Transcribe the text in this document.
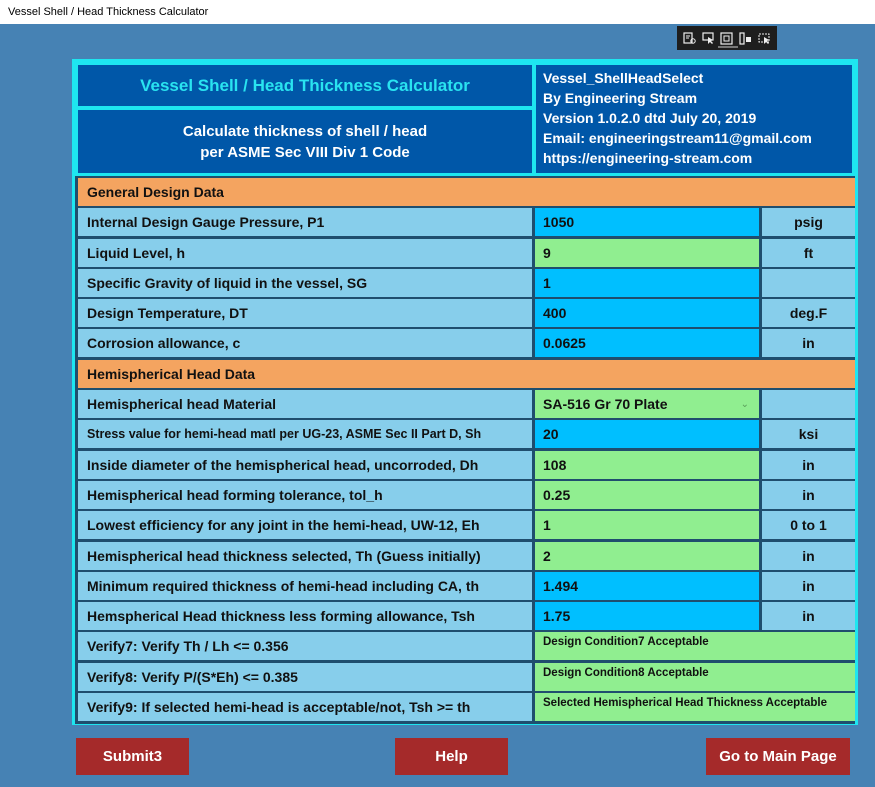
Vessel Shell / Head Thickness Calculator
Vessel Shell / Head Thickness Calculator
Calculate thickness of shell / head
per ASME Sec VIII Div 1 Code
Vessel_ShellHeadSelect
By Engineering Stream
Version 1.0.2.0 dtd July 20, 2019
Email: engineeringstream11@gmail.com
https://engineering-stream.com
General Design Data
Internal Design Gauge Pressure, P1	1050	psig
Liquid Level, h	9	ft
Specific Gravity of liquid in the vessel, SG	1
Design Temperature, DT	400	deg.F
Corrosion allowance, c	0.0625	in
Hemispherical Head Data
Hemispherical head Material	SA-516 Gr 70 Plate	⌄
Stress value for hemi-head matl per UG-23, ASME Sec II Part D, Sh	20	ksi
Inside diameter of the hemispherical head, uncorroded, Dh	108	in
Hemispherical head forming tolerance, tol_h	0.25	in
Lowest efficiency for any joint in the hemi-head, UW-12, Eh	1	0 to 1
Hemispherical head thickness selected, Th (Guess initially)	2	in
Minimum required thickness of hemi-head including CA, th	1.494	in
Hemspherical Head thickness less forming allowance, Tsh	1.75	in
Verify7: Verify Th / Lh <= 0.356	Design Condition7 Acceptable
Verify8: Verify P/(S*Eh) <= 0.385	Design Condition8 Acceptable
Verify9: If selected hemi-head is acceptable/not, Tsh >= th	Selected Hemispherical Head Thickness Acceptable
Submit3	Help	Go to Main Page
